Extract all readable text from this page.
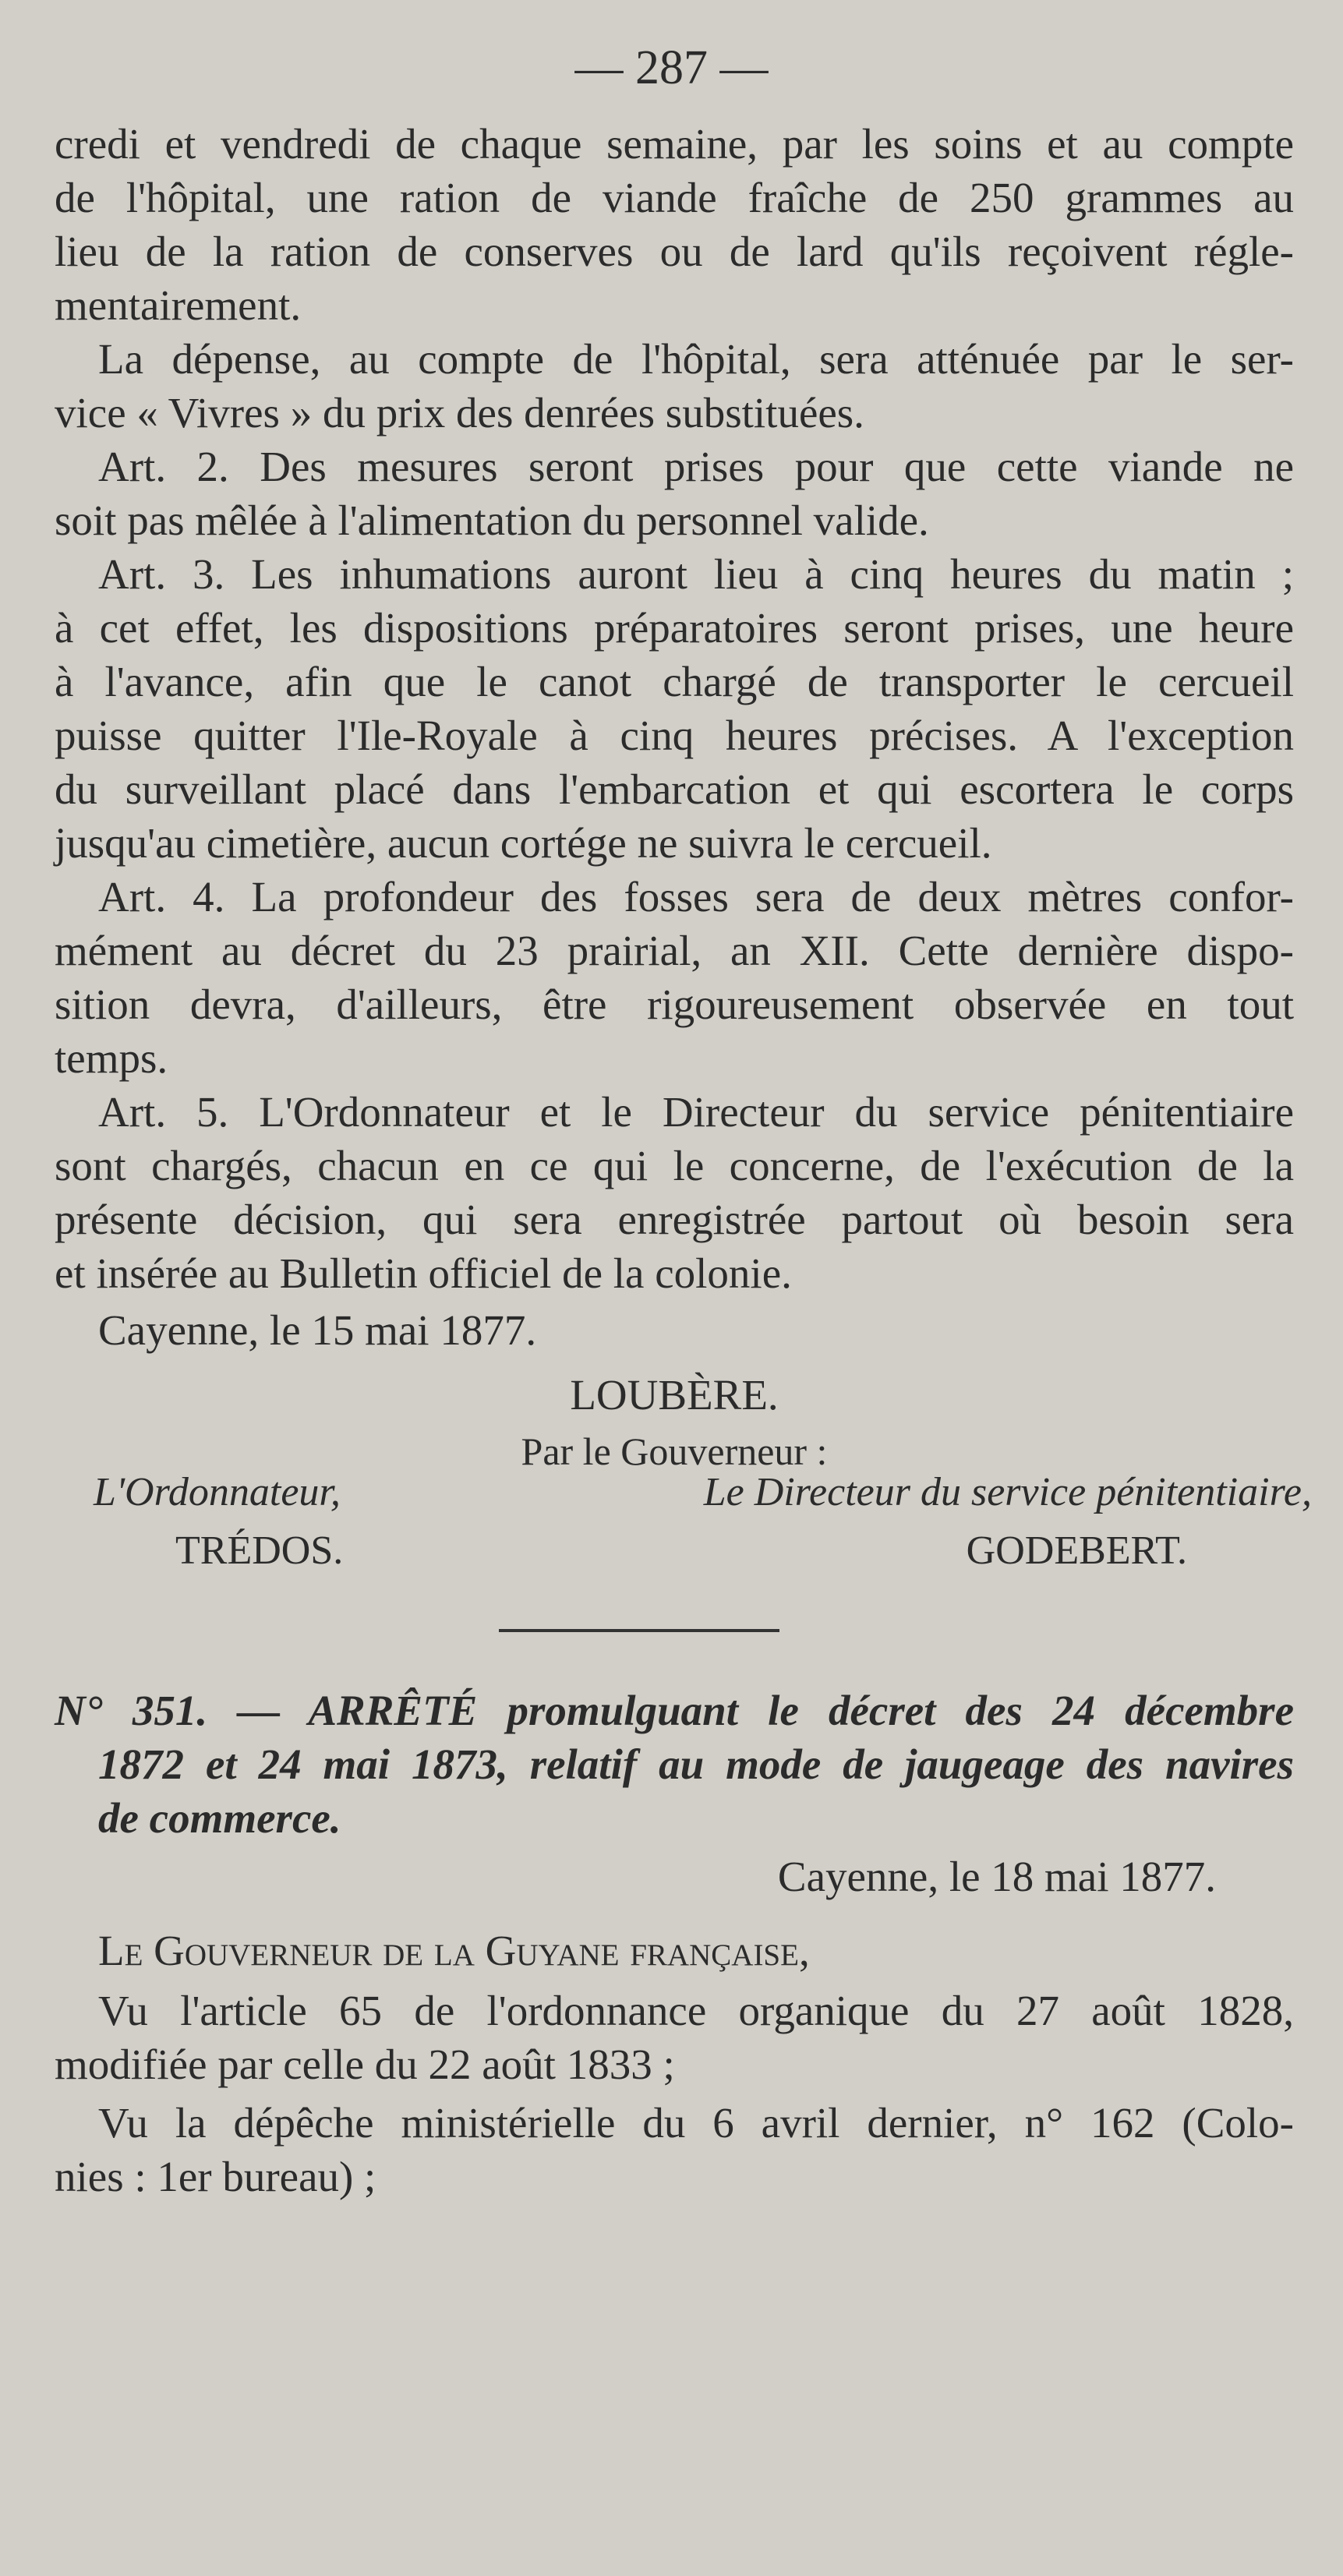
— 287 —

credi et vendredi de chaque semaine, par les soins et au compte
de l'hôpital, une ration de viande fraîche de 250 grammes au
lieu de la ration de conserves ou de lard qu'ils reçoivent régle-
mentairement.

La dépense, au compte de l'hôpital, sera atténuée par le ser-
vice « Vivres » du prix des denrées substituées.

Art. 2. Des mesures seront prises pour que cette viande ne
soit pas mêlée à l'alimentation du personnel valide.

Art. 3. Les inhumations auront lieu à cinq heures du matin ;
à cet effet, les dispositions préparatoires seront prises, une heure
à l'avance, afin que le canot chargé de transporter le cercueil
puisse quitter l'Ile-Royale à cinq heures précises. A l'exception
du surveillant placé dans l'embarcation et qui escortera le corps
jusqu'au cimetière, aucun cortége ne suivra le cercueil.

Art. 4. La profondeur des fosses sera de deux mètres confor-
mément au décret du 23 prairial, an XII. Cette dernière dispo-
sition devra, d'ailleurs, être rigoureusement observée en tout
temps.

Art. 5. L'Ordonnateur et le Directeur du service pénitentiaire
sont chargés, chacun en ce qui le concerne, de l'exécution de la
présente décision, qui sera enregistrée partout où besoin sera
et insérée au Bulletin officiel de la colonie.

Cayenne, le 15 mai 1877.

LOUBÈRE.

Par le Gouverneur :

L'Ordonnateur,	Le Directeur du service pénitentiaire,
TRÉDOS.	GODEBERT.

N° 351. — ARRÊTÉ promulguant le décret des 24 décembre
1872 et 24 mai 1873, relatif au mode de jaugeage des navires
de commerce.

Cayenne, le 18 mai 1877.

Le Gouverneur de la Guyane française,

Vu l'article 65 de l'ordonnance organique du 27 août 1828,
modifiée par celle du 22 août 1833 ;

Vu la dépêche ministérielle du 6 avril dernier, n° 162 (Colo-
nies : 1er bureau) ;
